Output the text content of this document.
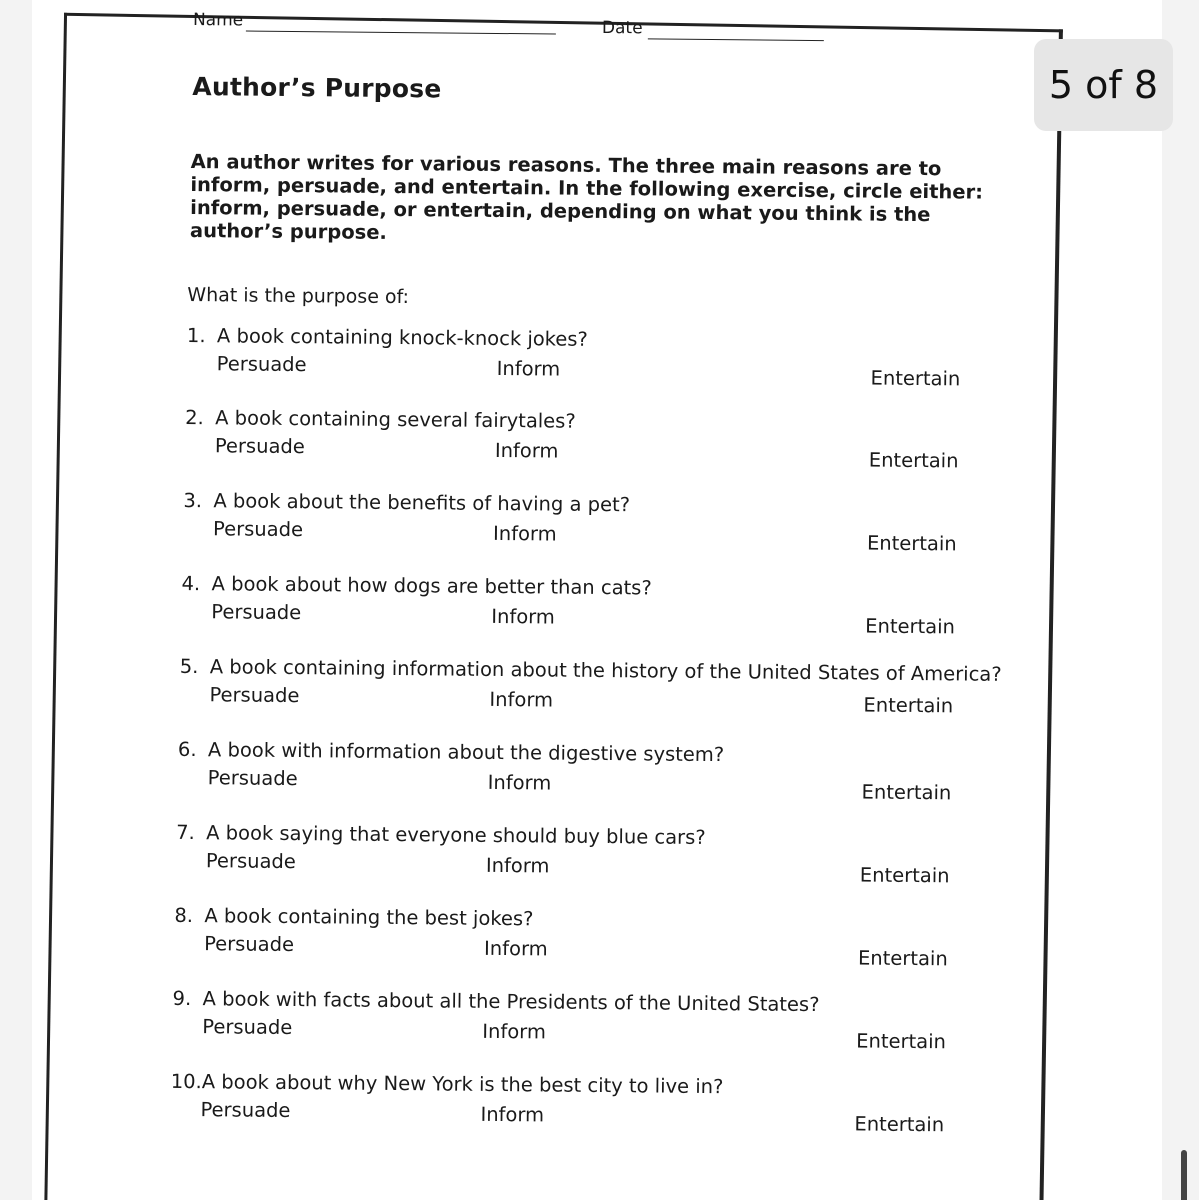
Name	Date
Author’s Purpose
An author writes for various reasons. The three main reasons are to
inform, persuade, and entertain. In the following exercise, circle either:
inform, persuade, or entertain, depending on what you think is the
author’s purpose.
What is the purpose of:
1. A book containing knock-knock jokes?
Persuade	Inform	Entertain
2. A book containing several fairytales?
Persuade	Inform	Entertain
3. A book about the benefits of having a pet?
Persuade	Inform	Entertain
4. A book about how dogs are better than cats?
Persuade	Inform	Entertain
5. A book containing information about the history of the United States of America?
Persuade	Inform	Entertain
6. A book with information about the digestive system?
Persuade	Inform	Entertain
7. A book saying that everyone should buy blue cars?
Persuade	Inform	Entertain
8. A book containing the best jokes?
Persuade	Inform	Entertain
9. A book with facts about all the Presidents of the United States?
Persuade	Inform	Entertain
10.A book about why New York is the best city to live in?
Persuade	Inform	Entertain
5 of 8
